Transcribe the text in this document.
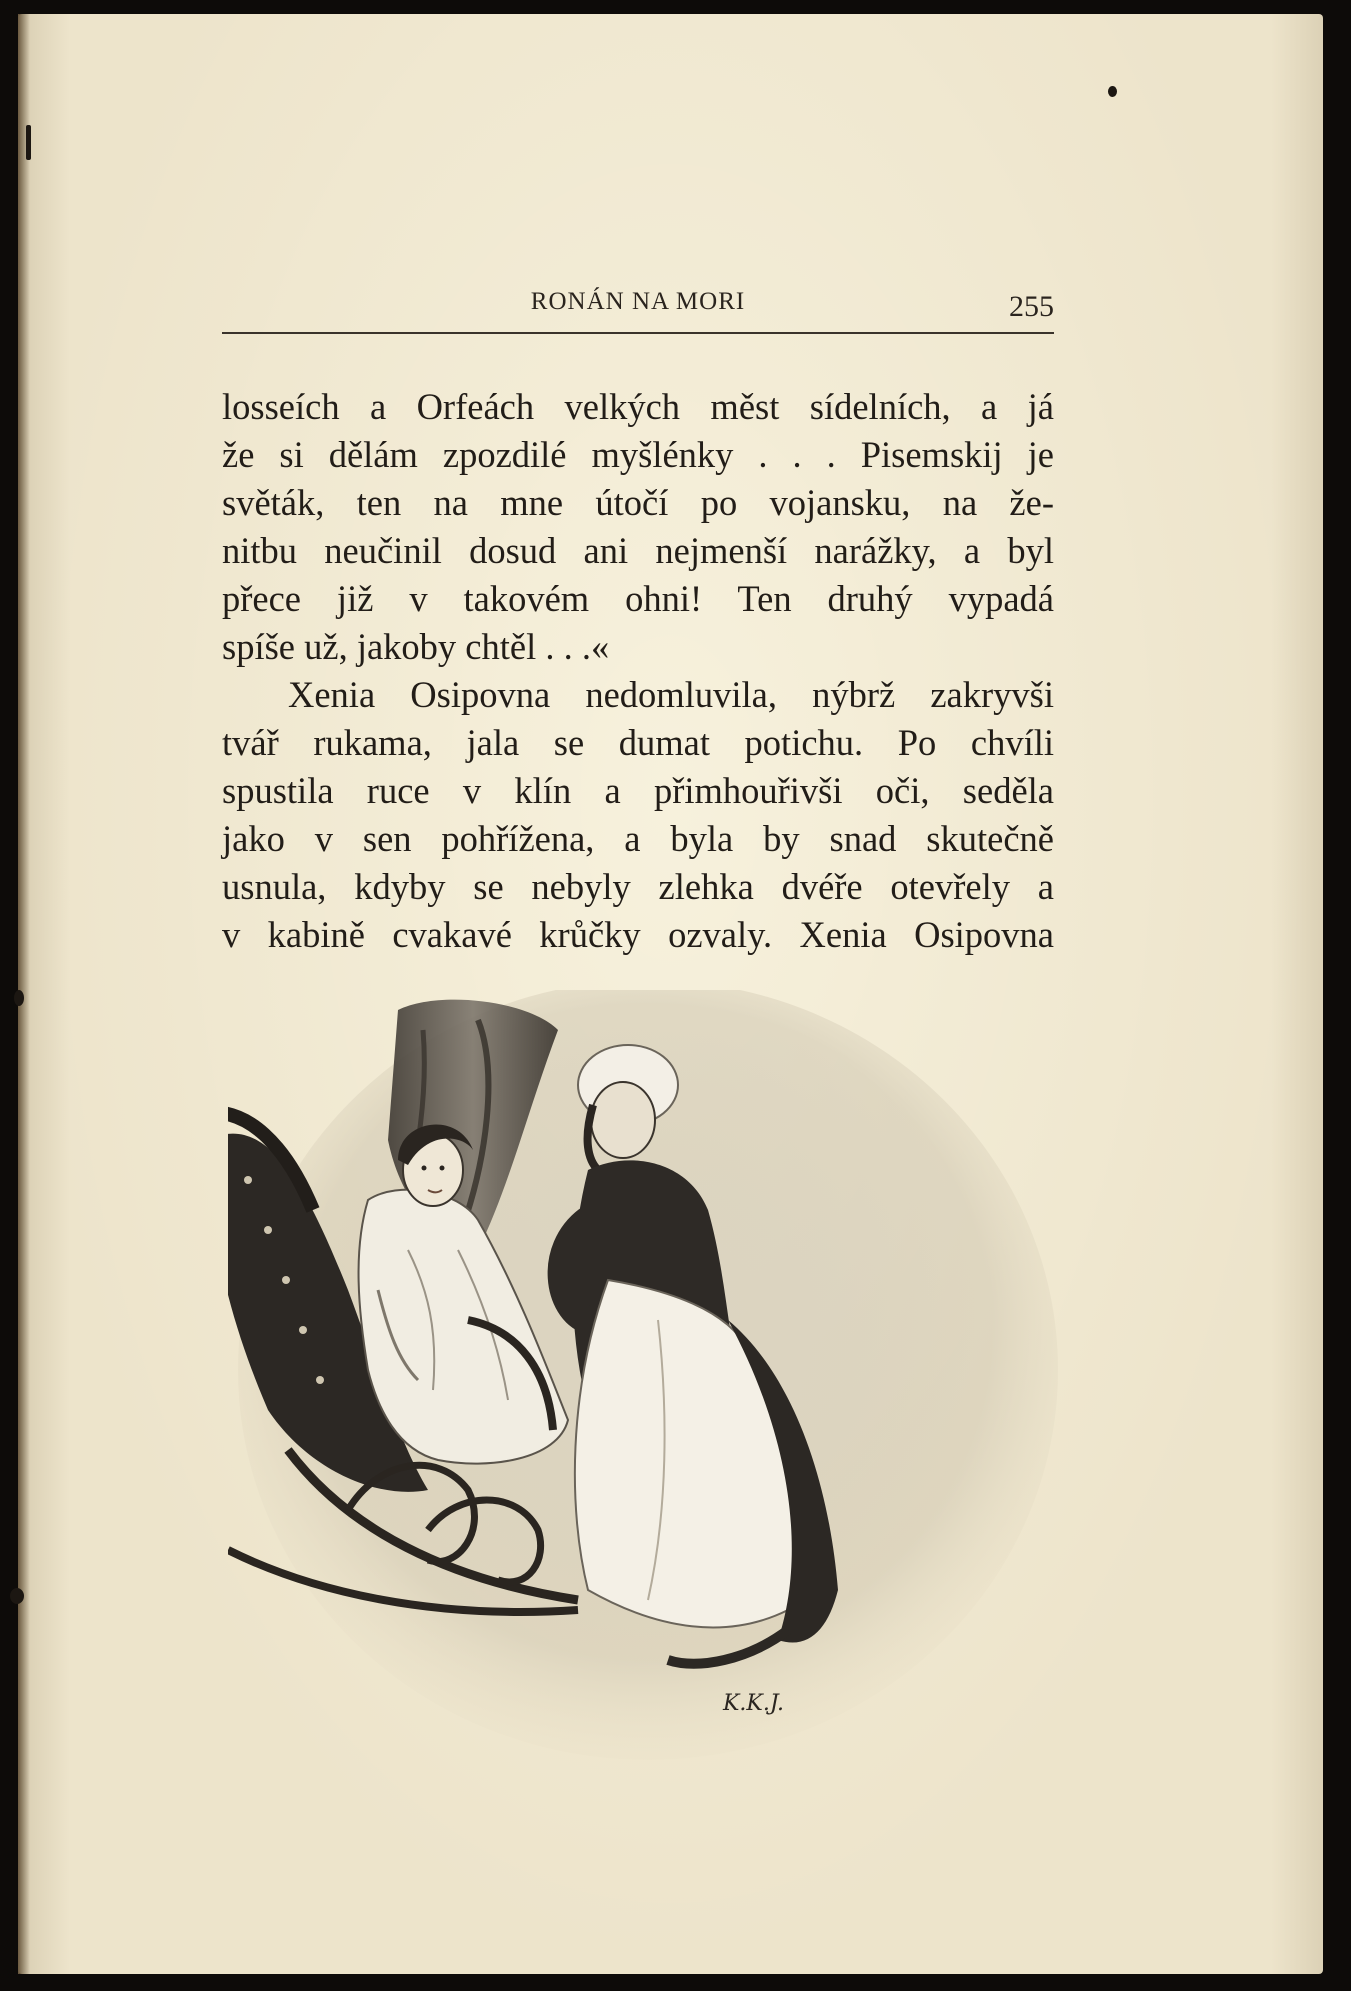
RONÁN NA MORI	255
losseích a Orfeách velkých měst sídelních, a já
že si dělám zpozdilé myšlénky . . . Pisemskij je
světák, ten na mne útočí po vojansku, na že-
nitbu neučinil dosud ani nejmenší narážky, a byl
přece již v takovém ohni! Ten druhý vypadá
spíše už, jakoby chtěl . . .«
Xenia Osipovna nedomluvila, nýbrž zakryvši
tvář rukama, jala se dumat potichu. Po chvíli
spustila ruce v klín a přimhouřivši oči, seděla
jako v sen pohřížena, a byla by snad skutečně
usnula, kdyby se nebyly zlehka dvéře otevřely a
v kabině cvakavé krůčky ozvaly. Xenia Osipovna
K.K.J.
